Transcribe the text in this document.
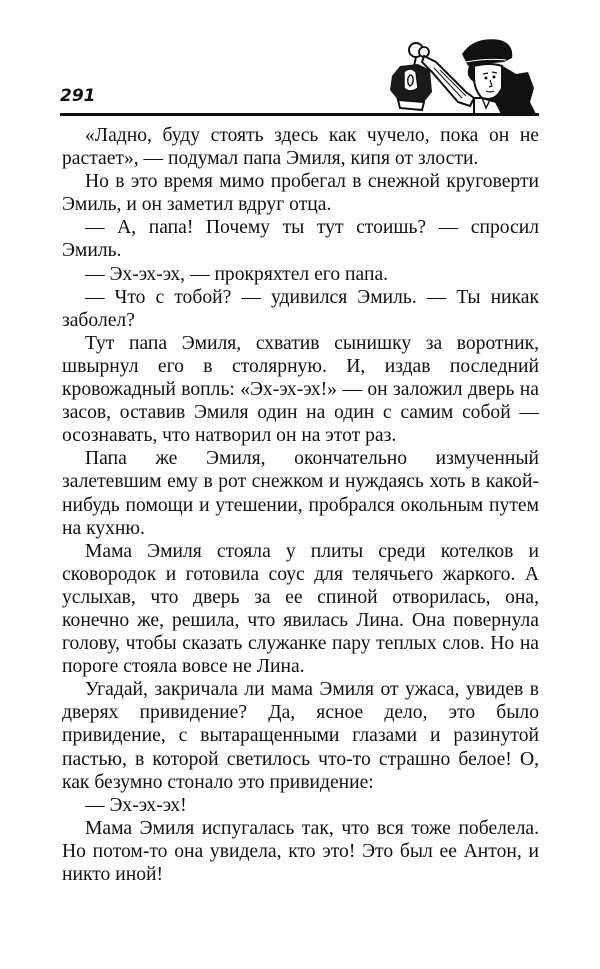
291

«Ладно, буду стоять здесь как чучело, пока он не растает», — подумал папа Эмиля, кипя от злости.

Но в это время мимо пробегал в снежной круговерти Эмиль, и он заметил вдруг отца.

— А, папа! Почему ты тут стоишь? — спросил Эмиль.

— Эх-эх-эх, — прокряхтел его папа.

— Что с тобой? — удивился Эмиль. — Ты никак заболел?

Тут папа Эмиля, схватив сынишку за воротник, швырнул его в столярную. И, издав последний кровожадный вопль: «Эх-эх-эх!» — он заложил дверь на засов, оставив Эмиля один на один с самим собой — осознавать, что натворил он на этот раз.

Папа же Эмиля, окончательно измученный залетевшим ему в рот снежком и нуждаясь хоть в какой-нибудь помощи и утешении, пробрался окольным путем на кухню.

Мама Эмиля стояла у плиты среди котелков и сковородок и готовила соус для телячьего жаркого. А услыхав, что дверь за ее спиной отворилась, она, конечно же, решила, что явилась Лина. Она повернула голову, чтобы сказать служанке пару теплых слов. Но на пороге стояла вовсе не Лина.

Угадай, закричала ли мама Эмиля от ужаса, увидев в дверях привидение? Да, ясное дело, это было привидение, с вытаращенными глазами и разинутой пастью, в которой светилось что-то страшно белое! О, как безумно стонало это привидение:

— Эх-эх-эх!

Мама Эмиля испугалась так, что вся тоже побелела. Но потом-то она увидела, кто это! Это был ее Антон, и никто иной!
